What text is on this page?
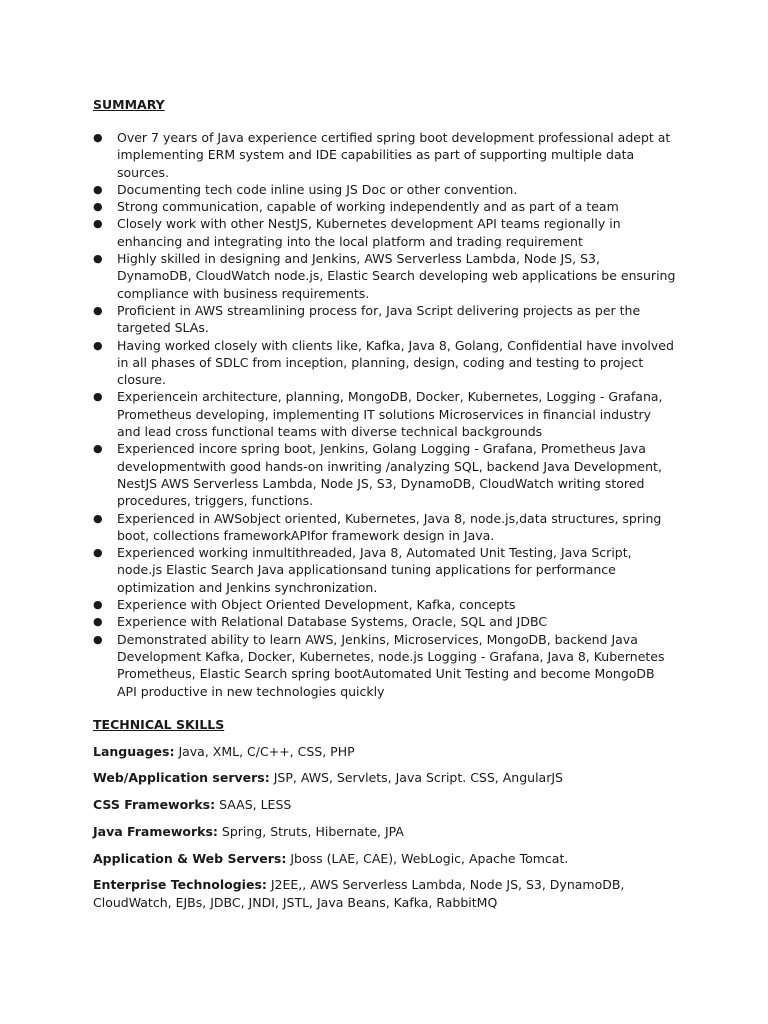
SUMMARY
● Over 7 years of Java experience certified spring boot development professional adept at implementing ERM system and IDE capabilities as part of supporting multiple data sources.
● Documenting tech code inline using JS Doc or other convention.
● Strong communication, capable of working independently and as part of a team
● Closely work with other NestJS, Kubernetes development API teams regionally in enhancing and integrating into the local platform and trading requirement
● Highly skilled in designing and Jenkins, AWS Serverless Lambda, Node JS, S3, DynamoDB, CloudWatch node.js, Elastic Search developing web applications be ensuring compliance with business requirements.
● Proficient in AWS streamlining process for, Java Script delivering projects as per the targeted SLAs.
● Having worked closely with clients like, Kafka, Java 8, Golang, Confidential have involved in all phases of SDLC from inception, planning, design, coding and testing to project closure.
● Experiencein architecture, planning, MongoDB, Docker, Kubernetes, Logging - Grafana, Prometheus developing, implementing IT solutions Microservices in financial industry and lead cross functional teams with diverse technical backgrounds
● Experienced incore spring boot, Jenkins, Golang Logging - Grafana, Prometheus Java developmentwith good hands-on inwriting /analyzing SQL, backend Java Development, NestJS AWS Serverless Lambda, Node JS, S3, DynamoDB, CloudWatch writing stored procedures, triggers, functions.
● Experienced in AWSobject oriented, Kubernetes, Java 8, node.js,data structures, spring boot, collections frameworkAPIfor framework design in Java.
● Experienced working inmultithreaded, Java 8, Automated Unit Testing, Java Script, node.js Elastic Search Java applicationsand tuning applications for performance optimization and Jenkins synchronization.
● Experience with Object Oriented Development, Kafka, concepts
● Experience with Relational Database Systems, Oracle, SQL and JDBC
● Demonstrated ability to learn AWS, Jenkins, Microservices, MongoDB, backend Java Development Kafka, Docker, Kubernetes, node.js Logging - Grafana, Java 8, Kubernetes Prometheus, Elastic Search spring bootAutomated Unit Testing and become MongoDB API productive in new technologies quickly
TECHNICAL SKILLS
Languages: Java, XML, C/C++, CSS, PHP
Web/Application servers: JSP, AWS, Servlets, Java Script. CSS, AngularJS
CSS Frameworks: SAAS, LESS
Java Frameworks: Spring, Struts, Hibernate, JPA
Application & Web Servers: Jboss (LAE, CAE), WebLogic, Apache Tomcat.
Enterprise Technologies: J2EE,, AWS Serverless Lambda, Node JS, S3, DynamoDB, CloudWatch, EJBs, JDBC, JNDI, JSTL, Java Beans, Kafka, RabbitMQ
